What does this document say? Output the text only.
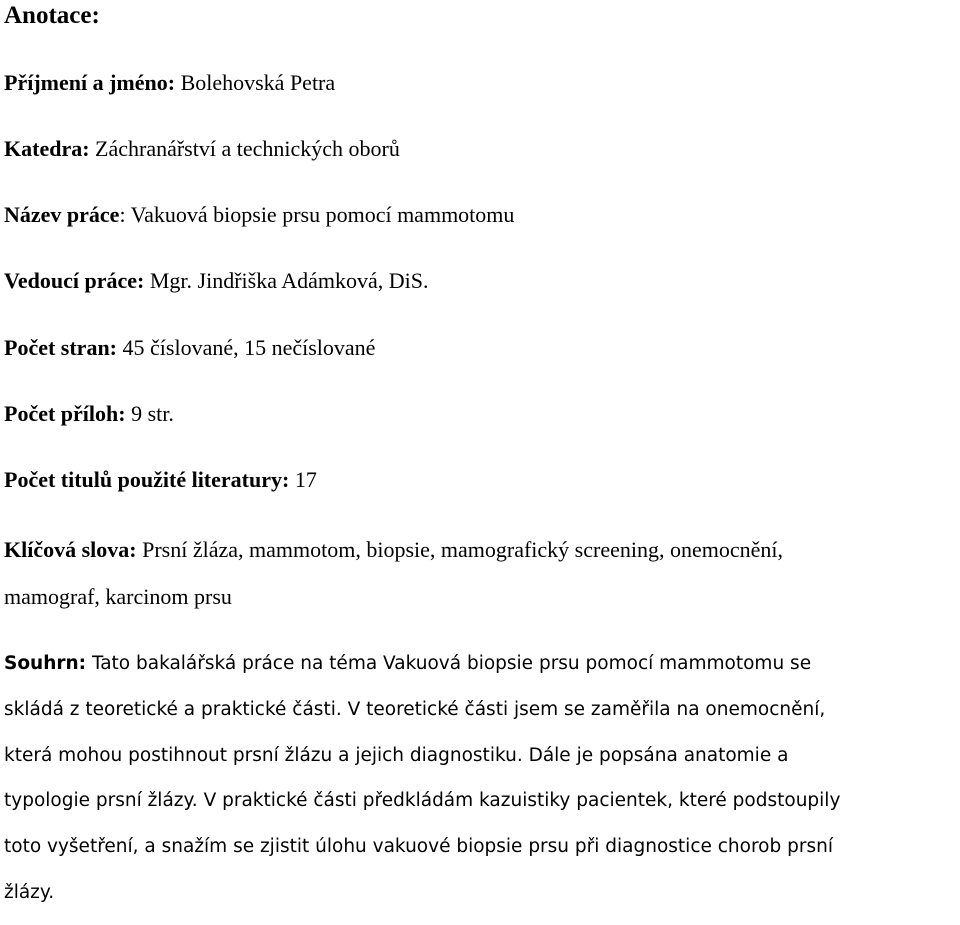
Anotace:
Příjmení a jméno: Bolehovská Petra
Katedra: Záchranářství a technických oborů
Název práce: Vakuová biopsie prsu pomocí mammotomu
Vedoucí práce: Mgr. Jindřiška Adámková, DiS.
Počet stran: 45 číslované, 15 nečíslované
Počet příloh: 9 str.
Počet titulů použité literatury: 17
Klíčová slova: Prsní žláza, mammotom, biopsie, mamografický screening, onemocnění,
mamograf, karcinom prsu
Souhrn: Tato bakalářská práce na téma Vakuová biopsie prsu pomocí mammotomu se
skládá z teoretické a praktické části. V teoretické části jsem se zaměřila na onemocnění,
která mohou postihnout prsní žlázu a jejich diagnostiku. Dále je popsána anatomie a
typologie prsní žlázy. V praktické části předkládám kazuistiky pacientek, které podstoupily
toto vyšetření, a snažím se zjistit úlohu vakuové biopsie prsu při diagnostice chorob prsní
žlázy.
